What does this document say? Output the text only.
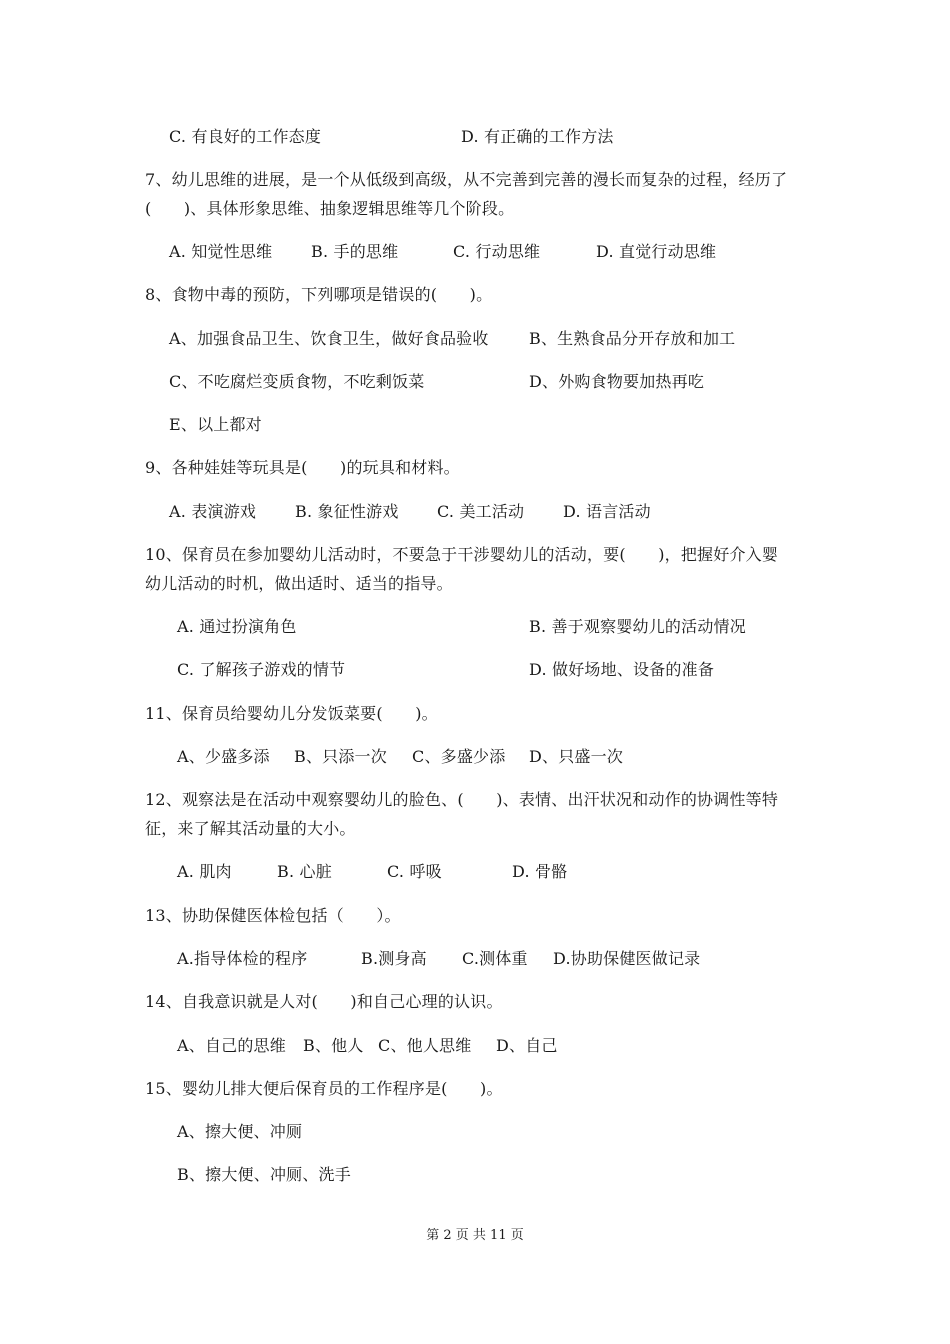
C. 有良好的工作态度	D. 有正确的工作方法
7、幼儿思维的进展，是一个从低级到高级，从不完善到完善的漫长而复杂的过程，经历了
(　　)、具体形象思维、抽象逻辑思维等几个阶段。
A. 知觉性思维 B. 手的思维	C. 行动思维	D. 直觉行动思维
8、食物中毒的预防，下列哪项是错误的(　　)。
A、加强食品卫生、饮食卫生，做好食品验收	B、生熟食品分开存放和加工
C、不吃腐烂变质食物，不吃剩饭菜	D、外购食物要加热再吃
E、以上都对
9、各种娃娃等玩具是(　　)的玩具和材料。
A. 表演游戏 B. 象征性游戏 C. 美工活动 D. 语言活动
10、保育员在参加婴幼儿活动时，不要急于干涉婴幼儿的活动，要(　　)，把握好介入婴
幼儿活动的时机，做出适时、适当的指导。
A. 通过扮演角色	B. 善于观察婴幼儿的活动情况
C. 了解孩子游戏的情节	D. 做好场地、设备的准备
11、保育员给婴幼儿分发饭菜要(　　)。
A、少盛多添 B、只添一次 C、多盛少添 D、只盛一次
12、观察法是在活动中观察婴幼儿的脸色、(　　)、表情、出汗状况和动作的协调性等特
征，来了解其活动量的大小。
A. 肌肉	B. 心脏	C. 呼吸	D. 骨骼
13、协助保健医体检包括（　　）。
A.指导体检的程序	B.测身高 C.测体重 D.协助保健医做记录
14、自我意识就是人对(　　)和自己心理的认识。
A、自己的思维 B、他人 C、他人思维 D、自己
15、婴幼儿排大便后保育员的工作程序是(　　)。
A、擦大便、冲厕
B、擦大便、冲厕、洗手
第 2 页 共 11 页
